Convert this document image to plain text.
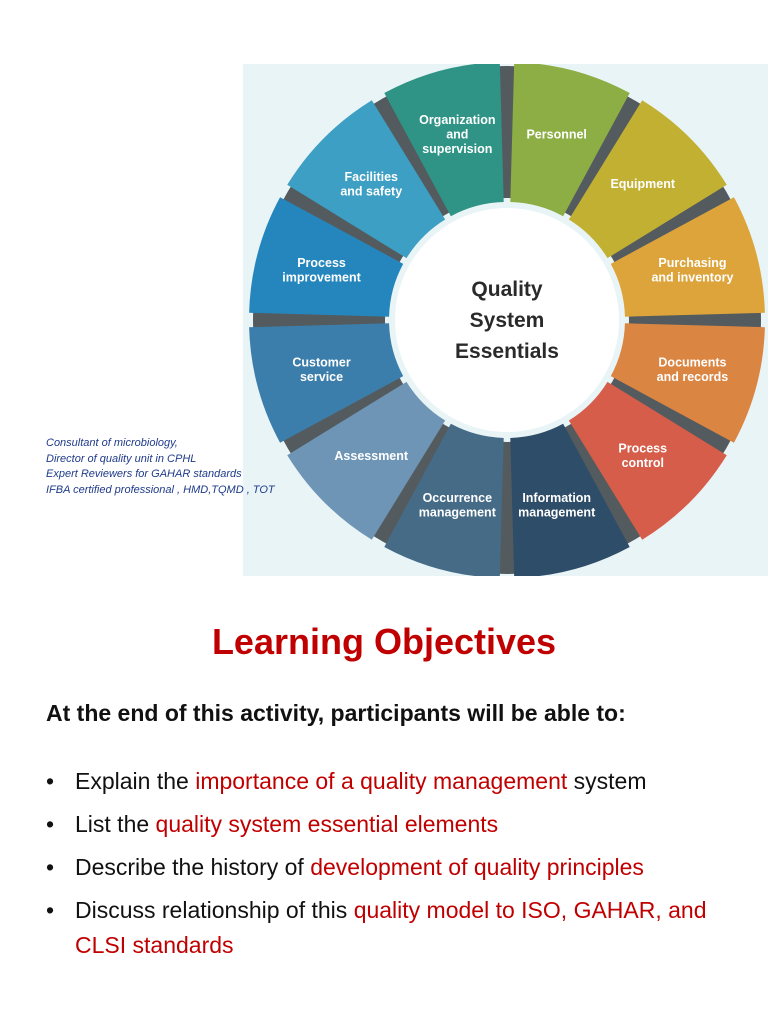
Personnel
Equipment
Purchasing and inventory
Documents and records
Process control
Information management
Occurrence management
Assessment
Customer service
Process improvement
Facilities and safety
Organization and supervision
Quality System Essentials
Consultant of microbiology,
Director of quality unit in CPHL
Expert Reviewers for GAHAR standards
IFBA certified professional , HMD,TQMD , TOT
Learning Objectives

At the end of this activity, participants will be able to:

• Explain the importance of a quality management system
• List the quality system essential elements
• Describe the history of development of quality principles
• Discuss relationship of this quality model to ISO, GAHAR, and CLSI standards
